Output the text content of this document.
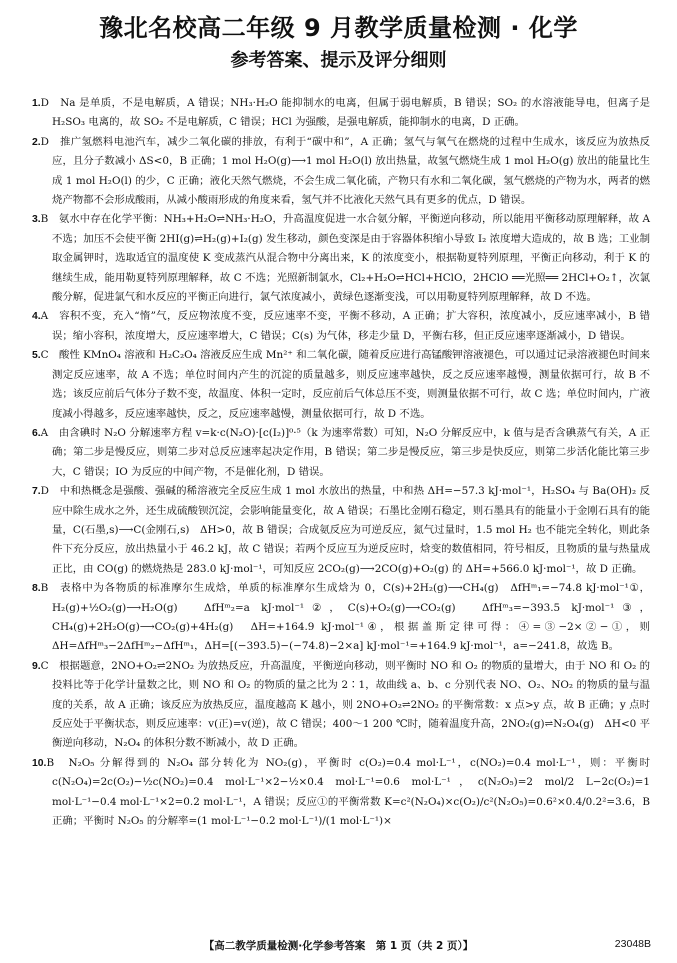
豫北名校高二年级 9 月教学质量检测 · 化学
参考答案、提示及评分细则

1.D　Na 是单质，不是电解质，A 错误；NH₃·H₂O 能抑制水的电离，但属于弱电解质，B 错误；SO₂ 的水溶液能导电，但离子是 H₂SO₃ 电离的，故 SO₂ 不是电解质，C 错误；HCl 为强酸，是强电解质，能抑制水的电离，D 正确。

2.D　推广氢燃料电池汽车，减少二氧化碳的排放，有利于“碳中和”，A 正确；氢气与氧气在燃烧的过程中生成水，该反应为放热反应，且分子数减小 ΔS<0，B 正确；1 mol H₂O(g)⟶1 mol H₂O(l) 放出热量，故氢气燃烧生成 1 mol H₂O(g) 放出的能量比生成 1 mol H₂O(l) 的少，C 正确；液化天然气燃烧，不会生成二氧化硫，产物只有水和二氧化碳，氢气燃烧的产物为水，两者的燃烧产物都不会形成酸雨，从减小酸雨形成的角度来看，氢气并不比液化天然气具有更多的优点，D 错误。

3.B　氨水中存在化学平衡：NH₃+H₂O⇌NH₃·H₂O，升高温度促进一水合氨分解，平衡逆向移动，所以能用平衡移动原理解释，故 A 不选；加压不会使平衡 2HI(g)⇌H₂(g)+I₂(g) 发生移动，颜色变深是由于容器体积缩小导致 I₂ 浓度增大造成的，故 B 选；工业制取金属钾时，选取适宜的温度使 K 变成蒸汽从混合物中分离出来，K 的浓度变小，根据勒夏特列原理，平衡正向移动，利于 K 的继续生成，能用勒夏特列原理解释，故 C 不选；光照新制氯水，Cl₂+H₂O⇌HCl+HClO，2HClO ══光照══ 2HCl+O₂↑，次氯酸分解，促进氯气和水反应的平衡正向进行，氯气浓度减小，黄绿色逐渐变浅，可以用勒夏特列原理解释，故 D 不选。

4.A　容积不变，充入“惰”气，反应物浓度不变，反应速率不变，平衡不移动，A 正确；扩大容积，浓度减小，反应速率减小，B 错误；缩小容积，浓度增大，反应速率增大，C 错误；C(s) 为气体，移走少量 D，平衡右移，但正反应速率逐渐减小，D 错误。

5.C　酸性 KMnO₄ 溶液和 H₂C₂O₄ 溶液反应生成 Mn²⁺ 和二氧化碳，随着反应进行高锰酸钾溶液褪色，可以通过记录溶液褪色时间来测定反应速率，故 A 不选；单位时间内产生的沉淀的质量越多，则反应速率越快，反之反应速率越慢，测量依据可行，故 B 不选；该反应前后气体分子数不变，故温度、体积一定时，反应前后气体总压不变，则测量依据不可行，故 C 选；单位时间内，广液度减小得越多，反应速率越快，反之，反应速率越慢，测量依据可行，故 D 不选。

6.A　由含碘时 N₂O 分解速率方程 v=k·c(N₂O)·[c(I₂)]⁰·⁵（k 为速率常数）可知，N₂O 分解反应中，k 值与是否含碘蒸气有关，A 正确；第二步是慢反应，则第二步对总反应速率起决定作用，B 错误；第二步是慢反应，第三步是快反应，则第二步活化能比第三步大，C 错误；IO 为反应的中间产物，不是催化剂，D 错误。

7.D　中和热概念是强酸、强碱的稀溶液完全反应生成 1 mol 水放出的热量，中和热 ΔH=−57.3 kJ·mol⁻¹，H₂SO₄ 与 Ba(OH)₂ 反应中除生成水之外，还生成硫酸钡沉淀，会影响能量变化，故 A 错误；石墨比金刚石稳定，则石墨具有的能量小于金刚石具有的能量，C(石墨,s)⟶C(金刚石,s)　ΔH>0，故 B 错误；合成氨反应为可逆反应，氮气过量时，1.5 mol H₂ 也不能完全转化，则此条件下充分反应，放出热量小于 46.2 kJ，故 C 错误；若两个反应互为逆反应时，焓变的数值相同，符号相反，且物质的量与热量成正比，由 CO(g) 的燃烧热是 283.0 kJ·mol⁻¹，可知反应 2CO₂(g)⟶2CO(g)+O₂(g) 的 ΔH=+566.0 kJ·mol⁻¹，故 D 正确。

8.B　表格中为各物质的标准摩尔生成焓，单质的标准摩尔生成焓为 0，C(s)+2H₂(g)⟶CH₄(g)　ΔfHᵐ₁=−74.8 kJ·mol⁻¹①，H₂(g)+½O₂(g)⟶H₂O(g)　ΔfHᵐ₂=a kJ·mol⁻¹②，C(s)+O₂(g)⟶CO₂(g)　ΔfHᵐ₃=−393.5 kJ·mol⁻¹③，CH₄(g)+2H₂O(g)⟶CO₂(g)+4H₂(g)　ΔH=+164.9 kJ·mol⁻¹④，根据盖斯定律可得：④=③−2×②−①，则 ΔH=ΔfHᵐ₃−2ΔfHᵐ₂−ΔfHᵐ₁，ΔH=[(−393.5)−(−74.8)−2×a] kJ·mol⁻¹=+164.9 kJ·mol⁻¹，a=−241.8，故选 B。

9.C　根据题意，2NO+O₂⇌2NO₂ 为放热反应，升高温度，平衡逆向移动，则平衡时 NO 和 O₂ 的物质的量增大，由于 NO 和 O₂ 的投料比等于化学计量数之比，则 NO 和 O₂ 的物质的量之比为 2∶1，故曲线 a、b、c 分别代表 NO、O₂、NO₂ 的物质的量与温度的关系，故 A 正确；该反应为放热反应，温度越高 K 越小，则 2NO+O₂⇌2NO₂ 的平衡常数：x 点>y 点，故 B 正确；y 点时反应处于平衡状态，则反应速率：v(正)=v(逆)，故 C 错误；400～1 200 ℃时，随着温度升高，2NO₂(g)⇌N₂O₄(g)　ΔH<0 平衡逆向移动，N₂O₄ 的体积分数不断减小，故 D 正确。

10.B　N₂O₅ 分解得到的 N₂O₄ 部分转化为 NO₂(g)，平衡时 c(O₂)=0.4 mol·L⁻¹，c(NO₂)=0.4 mol·L⁻¹，则：平衡时 c(N₂O₄)=2c(O₂)−½c(NO₂)=0.4 mol·L⁻¹×2−½×0.4 mol·L⁻¹=0.6 mol·L⁻¹，c(N₂O₅)=2 mol/2 L−2c(O₂)=1 mol·L⁻¹−0.4 mol·L⁻¹×2=0.2 mol·L⁻¹，A 错误；反应①的平衡常数 K=c²(N₂O₄)×c(O₂)/c²(N₂O₅)=0.6²×0.4/0.2²=3.6，B 正确；平衡时 N₂O₅ 的分解率=(1 mol·L⁻¹−0.2 mol·L⁻¹)/(1 mol·L⁻¹)×

【高二教学质量检测·化学参考答案　第 1 页（共 2 页）】	23048B
